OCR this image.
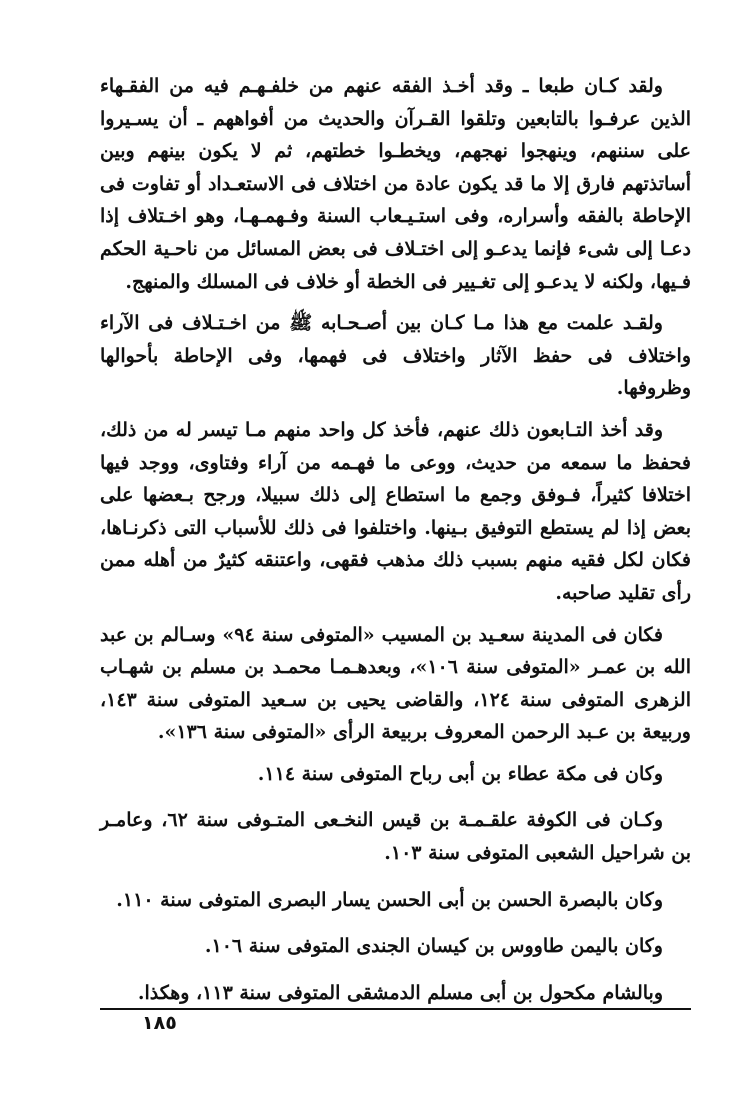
ولقد كـان طبعا ـ وقد أخـذ الفقه عنهم من خلفـهـم فيه من الفقـهاء الذين عرفـوا بالتابعين وتلقوا القـرآن والحديث من أفواههم ـ أن يسـيروا على سننهم، وينهجوا نهجهم، ويخطـوا خطتهم، ثم لا يكون بينهم وبين أساتذتهم فارق إلا ما قد يكون عادة من اختلاف فى الاستعـداد أو تفاوت فى الإحاطة بالفقه وأسراره، وفى استـيـعاب السنة وفـهمـهـا، وهو اخـتلاف إذا دعـا إلى شىء فإنما يدعـو إلى اختـلاف فى بعض المسائل من ناحـية الحكم فـيها، ولكنه لا يدعـو إلى تغـيير فى الخطة أو خلاف فى المسلك والمنهج.

ولقـد علمت مع هذا مـا كـان بين أصـحـابه ﷺ من اخـتـلاف فى الآراء واختلاف فى حفظ الآثار واختلاف فى فهمها، وفى الإحاطة بأحوالها وظروفها.

وقد أخذ التـابعون ذلك عنهم، فأخذ كل واحد منهم مـا تيسر له من ذلك، فحفظ ما سمعه من حديث، ووعى ما فهـمه من آراء وفتاوى، ووجد فيها اختلافا كثيراً، فـوفق وجمع ما استطاع إلى ذلك سبيلا، ورجح بـعضها على بعض إذا لم يستطع التوفيق بـينها. واختلفوا فى ذلك للأسباب التى ذكرنـاها، فكان لكل فقيه منهم بسبب ذلك مذهب فقهى، واعتنقه كثيرٌ من أهله ممن رأى تقليد صاحبه.

فكان فى المدينة سعـيد بن المسيب «المتوفى سنة ٩٤» وسـالم بن عبد الله بن عمـر «المتوفى سنة ١٠٦»، وبعدهـمـا محمـد بن مسلم بن شهـاب الزهرى المتوفى سنة ١٢٤، والقاضى يحيى بن سـعيد المتوفى سنة ١٤٣، وربيعة بن عـبد الرحمن المعروف بربيعة الرأى «المتوفى سنة ١٣٦».

وكان فى مكة عطاء بن أبى رباح المتوفى سنة ١١٤.

وكـان فى الكوفة علقـمـة بن قيس النخـعى المتـوفى سنة ٦٢، وعامـر بن شراحيل الشعبى المتوفى سنة ١٠٣.

وكان بالبصرة الحسن بن أبى الحسن يسار البصرى المتوفى سنة ١١٠.

وكان باليمن طاووس بن كيسان الجندى المتوفى سنة ١٠٦.

وبالشام مكحول بن أبى مسلم الدمشقى المتوفى سنة ١١٣، وهكذا.

١٨٥
